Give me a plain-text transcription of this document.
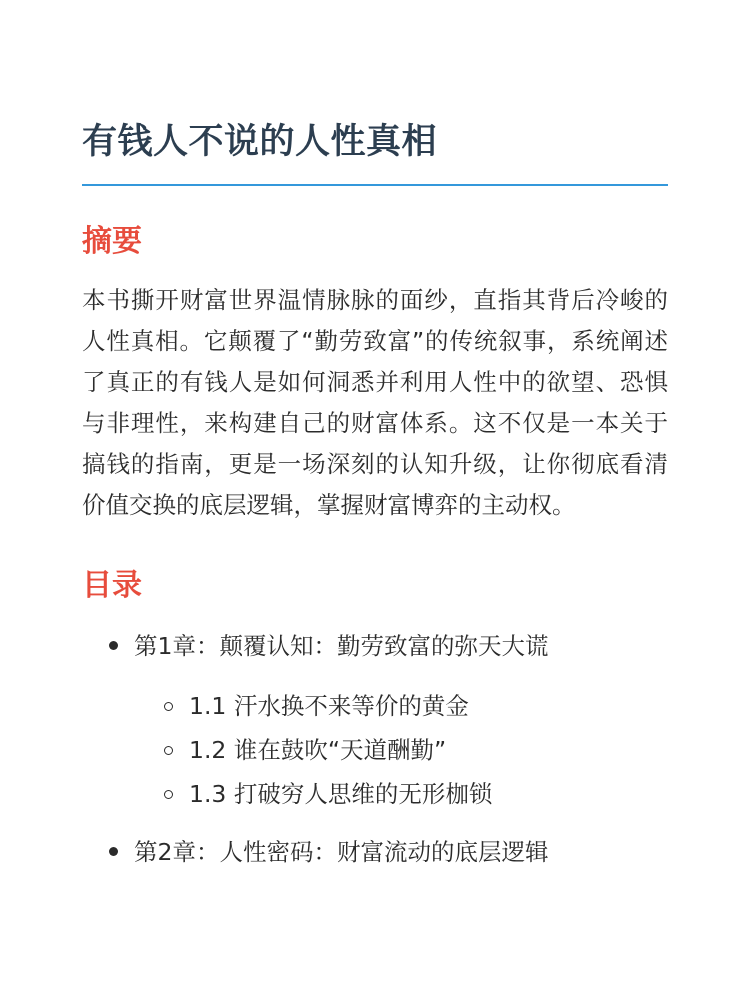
有钱人不说的人性真相
摘要

本书撕开财富世界温情脉脉的面纱，直指其背后冷峻的人性真相。它颠覆了“勤劳致富”的传统叙事，系统阐述了真正的有钱人是如何洞悉并利用人性中的欲望、恐惧与非理性，来构建自己的财富体系。这不仅是一本关于搞钱的指南，更是一场深刻的认知升级，让你彻底看清价值交换的底层逻辑，掌握财富博弈的主动权。

目录
第1章：颠覆认知：勤劳致富的弥天大谎
1.1 汗水换不来等价的黄金
1.2 谁在鼓吹“天道酬勤”
1.3 打破穷人思维的无形枷锁
第2章：人性密码：财富流动的底层逻辑
